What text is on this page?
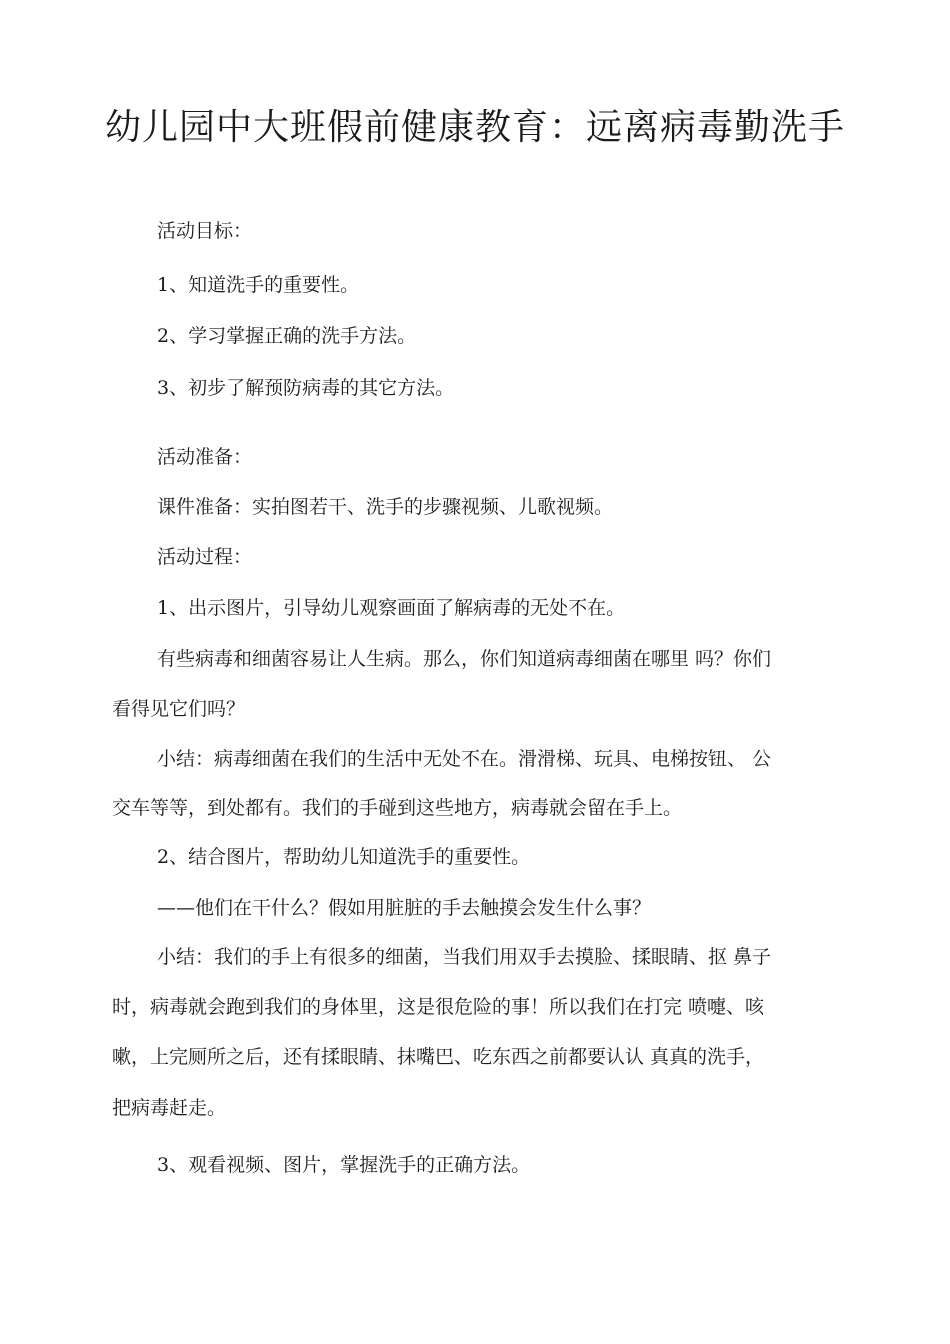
幼儿园中大班假前健康教育：远离病毒勤洗手
活动目标：
1、知道洗手的重要性。
2、学习掌握正确的洗手方法。
3、初步了解预防病毒的其它方法。
活动准备：
课件准备：实拍图若干、洗手的步骤视频、儿歌视频。
活动过程：
1、出示图片，引导幼儿观察画面了解病毒的无处不在。
有些病毒和细菌容易让人生病。那么，你们知道病毒细菌在哪里 吗？你们
看得见它们吗？
小结：病毒细菌在我们的生活中无处不在。滑滑梯、玩具、电梯按钮、 公
交车等等，到处都有。我们的手碰到这些地方，病毒就会留在手上。
2、结合图片，帮助幼儿知道洗手的重要性。
——他们在干什么？假如用脏脏的手去触摸会发生什么事？
小结：我们的手上有很多的细菌，当我们用双手去摸脸、揉眼睛、抠 鼻子
时，病毒就会跑到我们的身体里，这是很危险的事！所以我们在打完 喷嚏、咳
嗽，上完厕所之后，还有揉眼睛、抹嘴巴、吃东西之前都要认认 真真的洗手，
把病毒赶走。
3、观看视频、图片，掌握洗手的正确方法。
